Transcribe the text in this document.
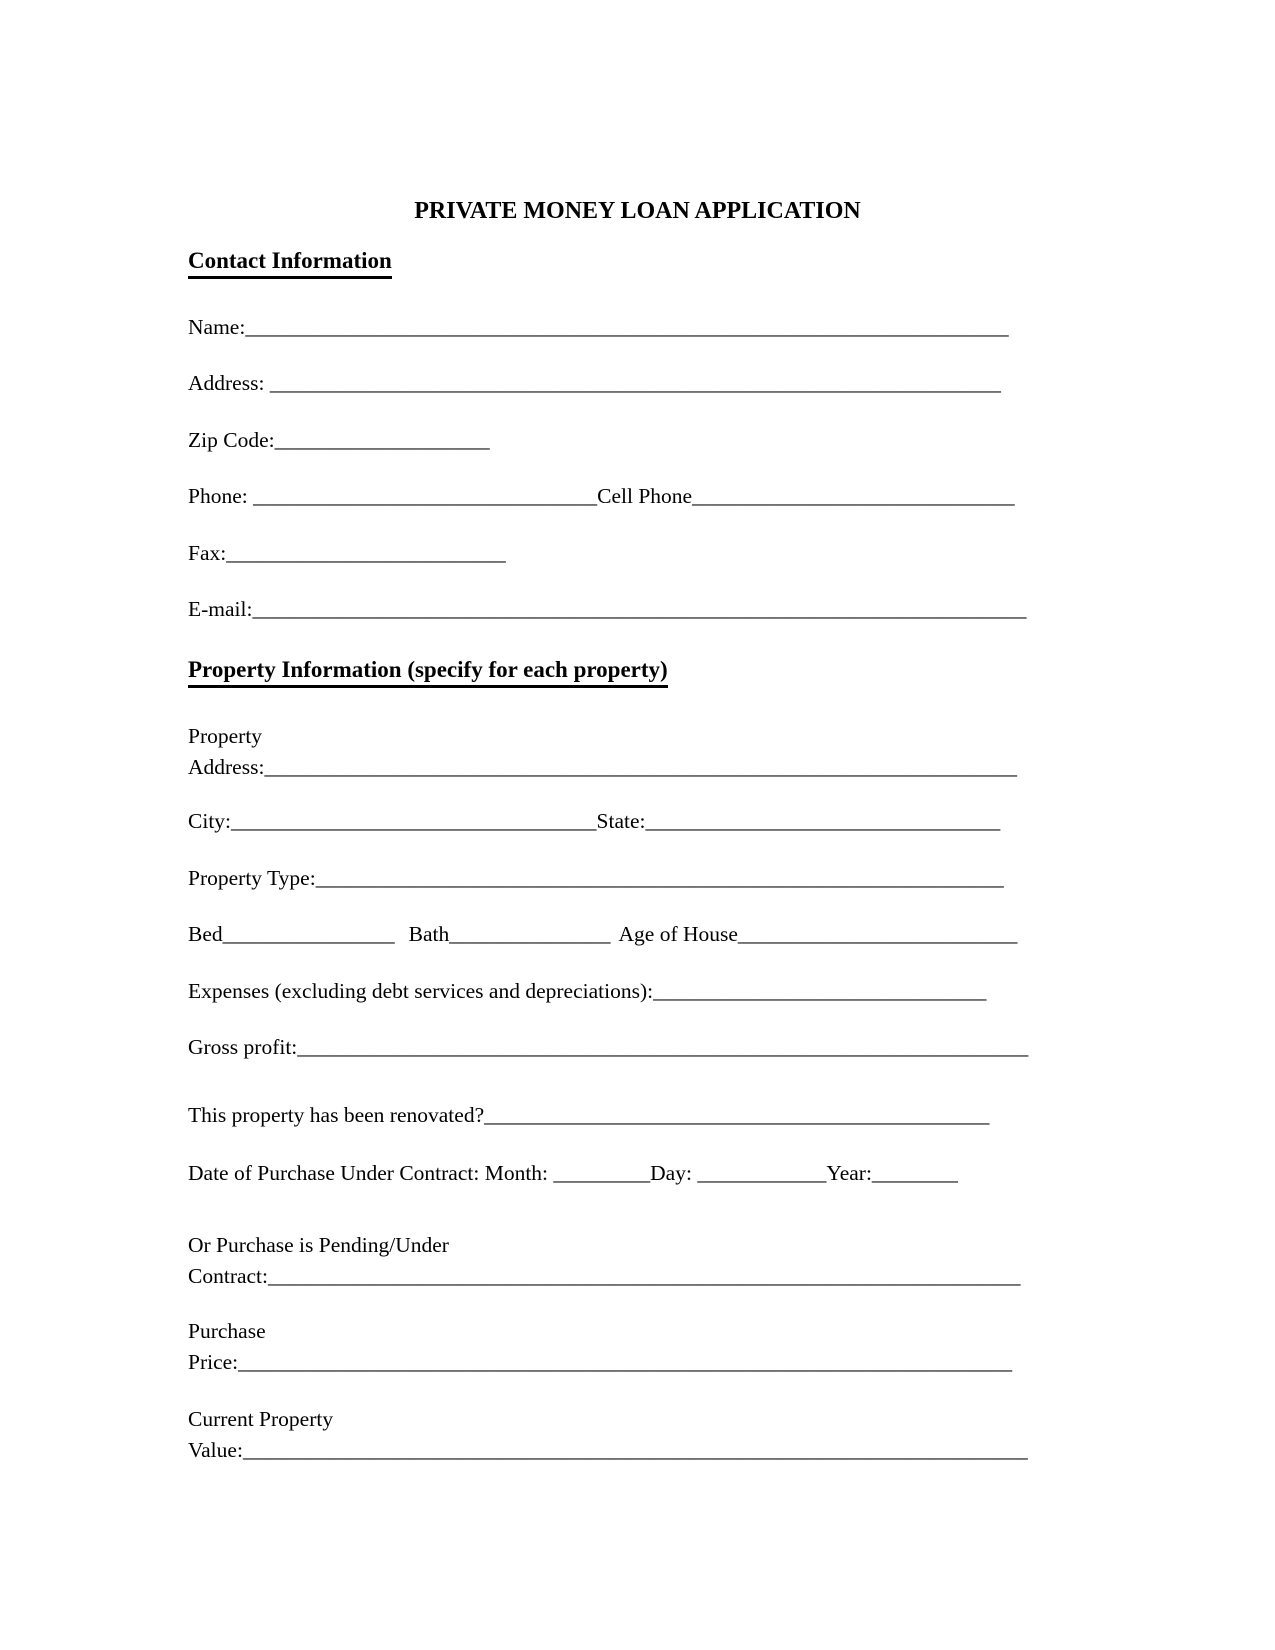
PRIVATE MONEY LOAN APPLICATION
Contact Information
Name:_______________________________________________________________________
Address: ____________________________________________________________________
Zip Code:____________________
Phone: ________________________________Cell Phone______________________________
Fax:__________________________
E-mail:________________________________________________________________________
Property Information (specify for each property)
Property
Address:______________________________________________________________________
City:__________________________________State:_________________________________
Property Type:________________________________________________________________
Bed________________ Bath_______________ Age of House__________________________
Expenses (excluding debt services and depreciations):_______________________________
Gross profit:____________________________________________________________________
This property has been renovated?_______________________________________________
Date of Purchase Under Contract: Month: _________Day: ____________Year:________
Or Purchase is Pending/Under
Contract:______________________________________________________________________
Purchase
Price:________________________________________________________________________
Current Property
Value:_________________________________________________________________________
